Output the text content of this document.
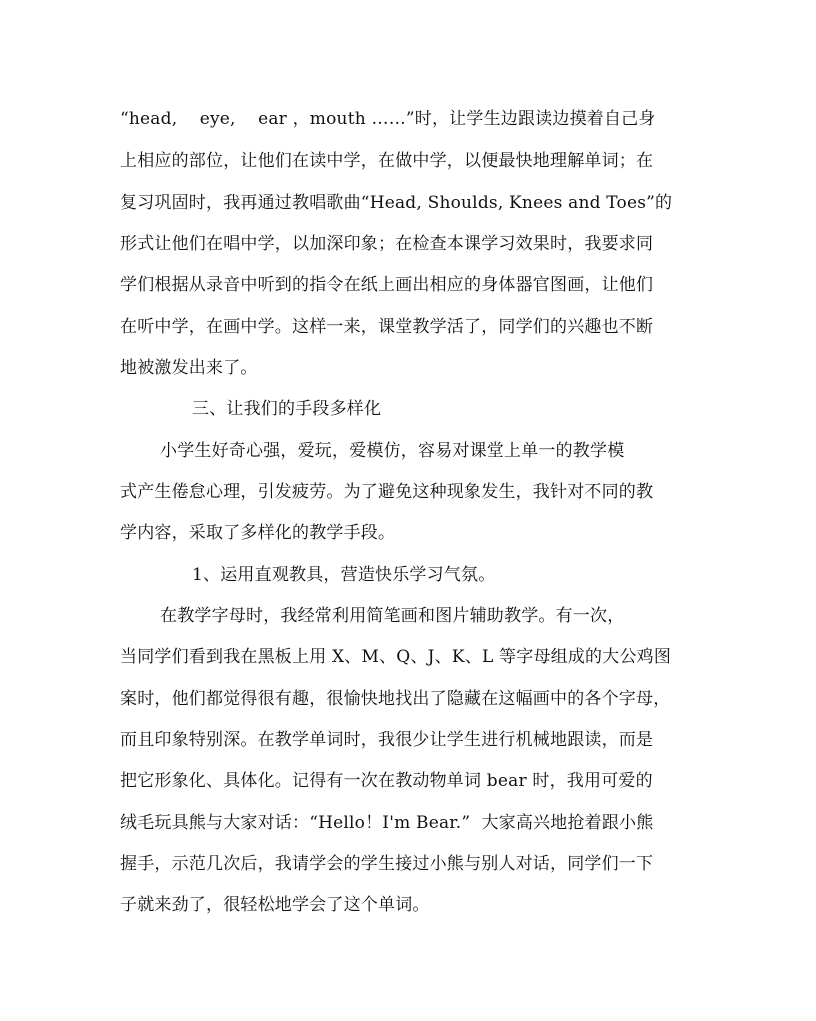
“head,    eye,    ear ，mouth ……”时，让学生边跟读边摸着自己身
上相应的部位，让他们在读中学，在做中学，以便最快地理解单词；在
复习巩固时，我再通过教唱歌曲“Head, Shoulds, Knees and Toes”的
形式让他们在唱中学，以加深印象；在检查本课学习效果时，我要求同
学们根据从录音中听到的指令在纸上画出相应的身体器官图画，让他们
在听中学，在画中学。这样一来，课堂教学活了，同学们的兴趣也不断
地被激发出来了。
三、让我们的手段多样化
小学生好奇心强，爱玩，爱模仿，容易对课堂上单一的教学模
式产生倦怠心理，引发疲劳。为了避免这种现象发生，我针对不同的教
学内容，采取了多样化的教学手段。
1、运用直观教具，营造快乐学习气氛。
在教学字母时，我经常利用简笔画和图片辅助教学。有一次，
当同学们看到我在黑板上用 X、M、Q、J、K、L 等字母组成的大公鸡图
案时，他们都觉得很有趣，很愉快地找出了隐藏在这幅画中的各个字母，
而且印象特别深。在教学单词时，我很少让学生进行机械地跟读，而是
把它形象化、具体化。记得有一次在教动物单词 bear 时，我用可爱的
绒毛玩具熊与大家对话：“Hello！I'm Bear.”  大家高兴地抢着跟小熊
握手，示范几次后，我请学会的学生接过小熊与别人对话，同学们一下
子就来劲了，很轻松地学会了这个单词。
